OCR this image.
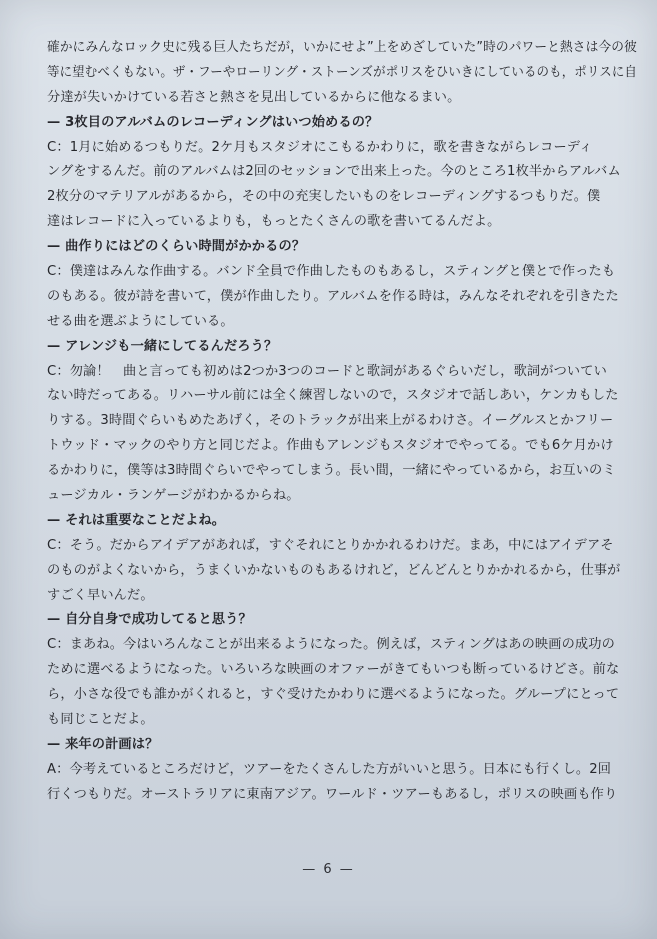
確かにみんなロック史に残る巨人たちだが，いかにせよ”上をめざしていた”時のパワーと熱さは今の彼
等に望むべくもない。ザ・フーやローリング・ストーンズがポリスをひいきにしているのも，ポリスに自
分達が失いかけている若さと熱さを見出しているからに他なるまい。
— 3枚目のアルバムのレコーディングはいつ始めるの？
C：1月に始めるつもりだ。2ケ月もスタジオにこもるかわりに，歌を書きながらレコーディ
ングをするんだ。前のアルバムは2回のセッションで出来上った。今のところ1枚半からアルバム
2枚分のマテリアルがあるから，その中の充実したいものをレコーディングするつもりだ。僕
達はレコードに入っているよりも，もっとたくさんの歌を書いてるんだよ。
— 曲作りにはどのくらい時間がかかるの？
C：僕達はみんな作曲する。バンド全員で作曲したものもあるし，スティングと僕とで作ったも
のもある。彼が詩を書いて，僕が作曲したり。アルバムを作る時は，みんなそれぞれを引きたた
せる曲を選ぶようにしている。
— アレンジも一緒にしてるんだろう？
C：勿論！　曲と言っても初めは2つか3つのコードと歌詞があるぐらいだし，歌詞がついてい
ない時だってある。リハーサル前には全く練習しないので，スタジオで話しあい，ケンカもした
りする。3時間ぐらいもめたあげく，そのトラックが出来上がるわけさ。イーグルスとかフリー
トウッド・マックのやり方と同じだよ。作曲もアレンジもスタジオでやってる。でも6ケ月かけ
るかわりに，僕等は3時間ぐらいでやってしまう。長い間，一緒にやっているから，お互いのミ
ュージカル・ランゲージがわかるからね。
— それは重要なことだよね。
C：そう。だからアイデアがあれば，すぐそれにとりかかれるわけだ。まあ，中にはアイデアそ
のものがよくないから，うまくいかないものもあるけれど，どんどんとりかかれるから，仕事が
すごく早いんだ。
— 自分自身で成功してると思う？
C：まあね。今はいろんなことが出来るようになった。例えば，スティングはあの映画の成功の
ために選べるようになった。いろいろな映画のオファーがきてもいつも断っているけどさ。前な
ら，小さな役でも誰かがくれると，すぐ受けたかわりに選べるようになった。グループにとって
も同じことだよ。
— 来年の計画は？
A：今考えているところだけど，ツアーをたくさんした方がいいと思う。日本にも行くし。2回
行くつもりだ。オーストラリアに東南アジア。ワールド・ツアーもあるし，ポリスの映画も作り
— 6 —
